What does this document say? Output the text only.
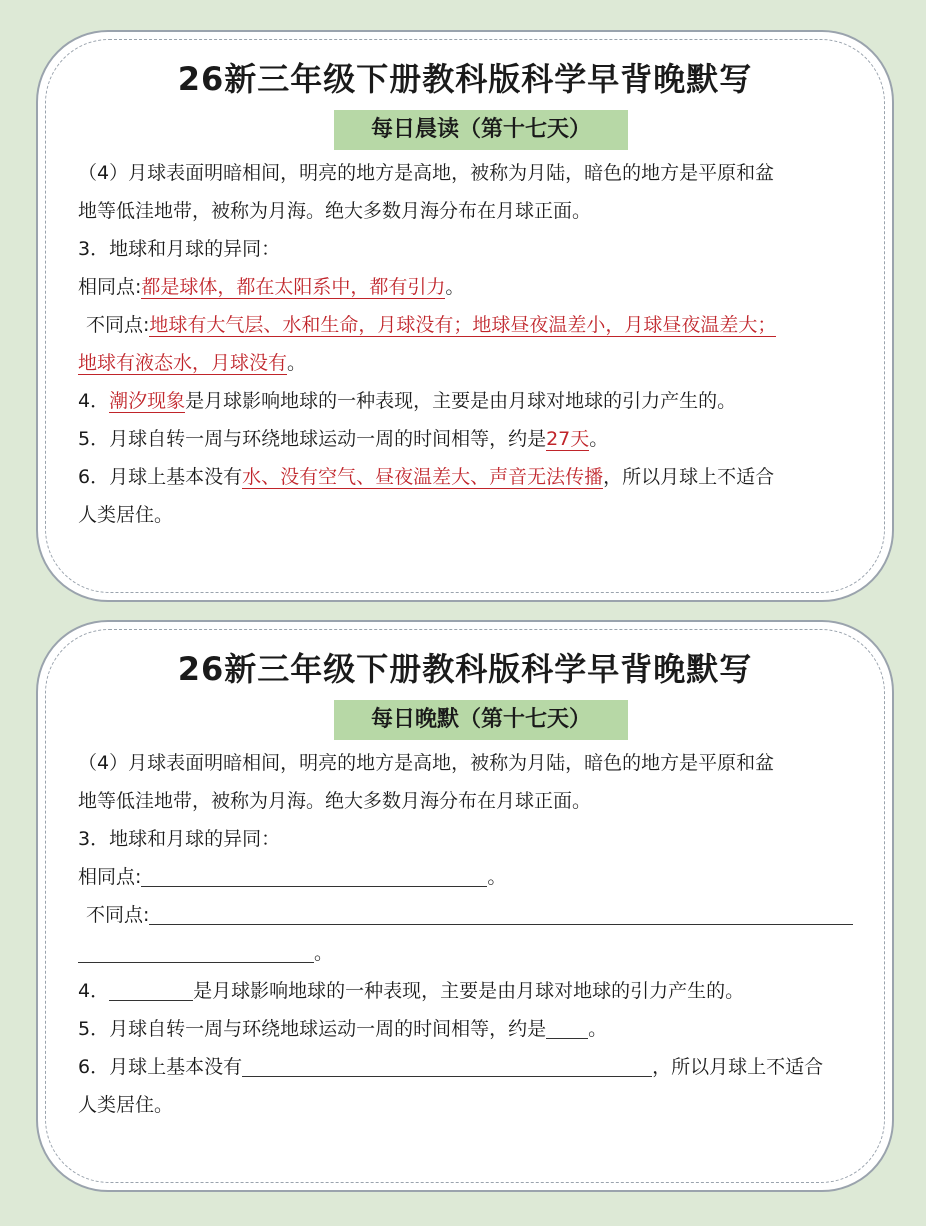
26新三年级下册教科版科学早背晚默写
每日晨读（第十七天）
（4）月球表面明暗相间，明亮的地方是高地，被称为月陆，暗色的地方是平原和盆
地等低洼地带，被称为月海。绝大多数月海分布在月球正面。
3．地球和月球的异同：
相同点:都是球体，都在太阳系中，都有引力。
不同点:地球有大气层、水和生命，月球没有；地球昼夜温差小，月球昼夜温差大；
地球有液态水，月球没有。
4．潮汐现象是月球影响地球的一种表现，主要是由月球对地球的引力产生的。
5．月球自转一周与环绕地球运动一周的时间相等，约是27天。
6．月球上基本没有水、没有空气、昼夜温差大、声音无法传播，所以月球上不适合
人类居住。
26新三年级下册教科版科学早背晚默写
每日晚默（第十七天）
（4）月球表面明暗相间，明亮的地方是高地，被称为月陆，暗色的地方是平原和盆
地等低洼地带，被称为月海。绝大多数月海分布在月球正面。
3．地球和月球的异同：
相同点:	。
不同点:
。
4．	是月球影响地球的一种表现，主要是由月球对地球的引力产生的。
5．月球自转一周与环绕地球运动一周的时间相等，约是 。
6．月球上基本没有	，所以月球上不适合
人类居住。
